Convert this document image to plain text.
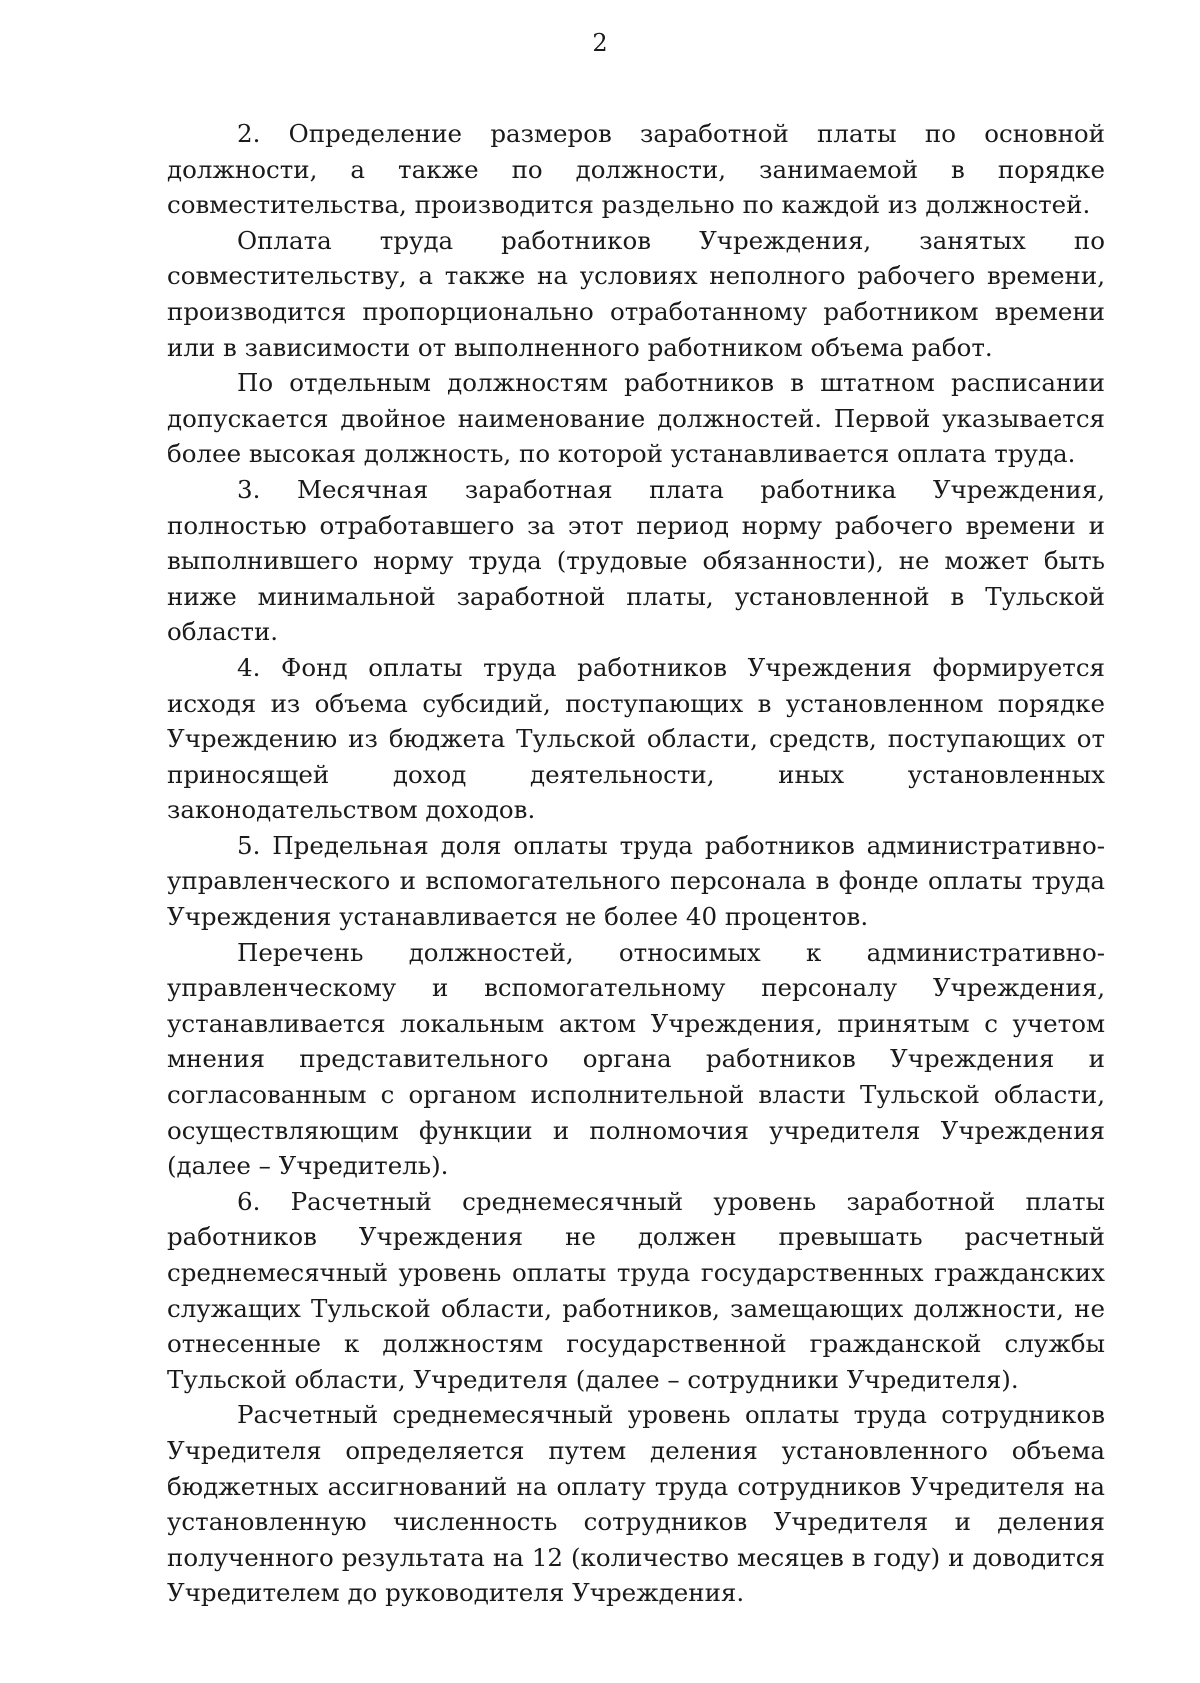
2

2. Определение размеров заработной платы по основной должности, а также по должности, занимаемой в порядке совместительства, производится раздельно по каждой из должностей.

Оплата труда работников Учреждения, занятых по совместительству, а также на условиях неполного рабочего времени, производится пропорционально отработанному работником времени или в зависимости от выполненного работником объема работ.

По отдельным должностям работников в штатном расписании допускается двойное наименование должностей. Первой указывается более высокая должность, по которой устанавливается оплата труда.

3. Месячная заработная плата работника Учреждения, полностью отработавшего за этот период норму рабочего времени и выполнившего норму труда (трудовые обязанности), не может быть ниже минимальной заработной платы, установленной в Тульской области.

4. Фонд оплаты труда работников Учреждения формируется исходя из объема субсидий, поступающих в установленном порядке Учреждению из бюджета Тульской области, средств, поступающих от приносящей доход деятельности, иных установленных законодательством доходов.

5. Предельная доля оплаты труда работников административно-управленческого и вспомогательного персонала в фонде оплаты труда Учреждения устанавливается не более 40 процентов.

Перечень должностей, относимых к административно-управленческому и вспомогательному персоналу Учреждения, устанавливается локальным актом Учреждения, принятым с учетом мнения представительного органа работников Учреждения и согласованным с органом исполнительной власти Тульской области, осуществляющим функции и полномочия учредителя Учреждения (далее – Учредитель).

6. Расчетный среднемесячный уровень заработной платы работников Учреждения не должен превышать расчетный среднемесячный уровень оплаты труда государственных гражданских служащих Тульской области, работников, замещающих должности, не отнесенные к должностям государственной гражданской службы Тульской области, Учредителя (далее – сотрудники Учредителя).

Расчетный среднемесячный уровень оплаты труда сотрудников Учредителя определяется путем деления установленного объема бюджетных ассигнований на оплату труда сотрудников Учредителя на установленную численность сотрудников Учредителя и деления полученного результата на 12 (количество месяцев в году) и доводится Учредителем до руководителя Учреждения.
